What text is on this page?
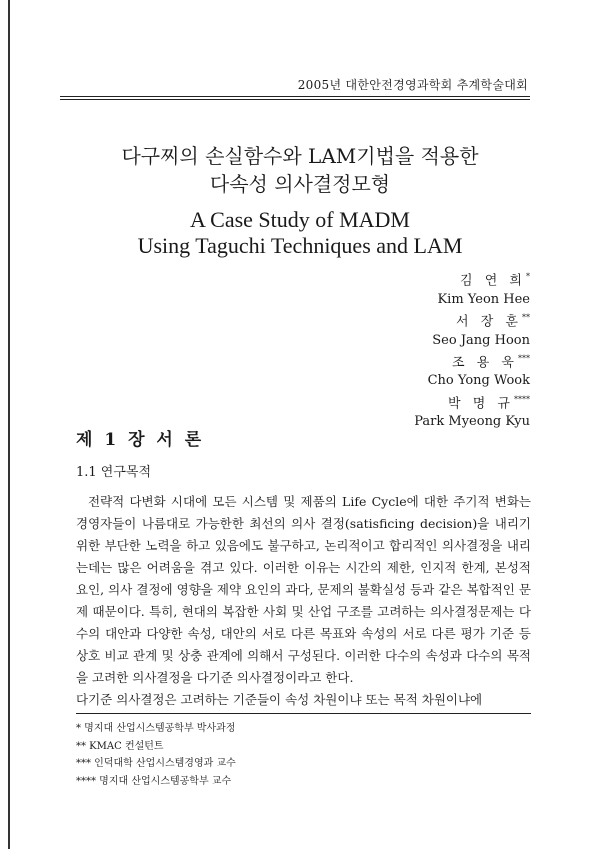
2005년 대한안전경영과학회 추계학술대회
다구찌의 손실함수와 LAM기법을 적용한
다속성 의사결정모형
A Case Study of MADM
Using Taguchi Techniques and LAM
김 연 희*
Kim Yeon Hee
서 장 훈**
Seo Jang Hoon
조 용 욱***
Cho Yong Wook
박 명 규****
Park Myeong Kyu
제 1 장 서 론
1.1 연구목적

전략적 다변화 시대에 모든 시스템 및 제품의 Life Cycle에 대한 주기적 변화는 경영자들이 나름대로 가능한한 최선의 의사 결정(satisficing decision)을 내리기 위한 부단한 노력을 하고 있음에도 불구하고, 논리적이고 합리적인 의사결정을 내리는데는 많은 어려움을 겪고 있다. 이러한 이유는 시간의 제한, 인지적 한계, 본성적 요인, 의사 결정에 영향을 제약 요인의 과다, 문제의 불확실성 등과 같은 복합적인 문제 때문이다. 특히, 현대의 복잡한 사회 및 산업 구조를 고려하는 의사결정문제는 다수의 대안과 다양한 속성, 대안의 서로 다른 목표와 속성의 서로 다른 평가 기준 등 상호 비교 관계 및 상충 관계에 의해서 구성된다. 이러한 다수의 속성과 다수의 목적을 고려한 의사결정을 다기준 의사결정이라고 한다.

다기준 의사결정은 고려하는 기준들이 속성 차원이냐 또는 목적 차원이냐에

* 명지대 산업시스템공학부 박사과정
** KMAC 컨설턴트
*** 인덕대학 산업시스템경영과 교수
**** 명지대 산업시스템공학부 교수
